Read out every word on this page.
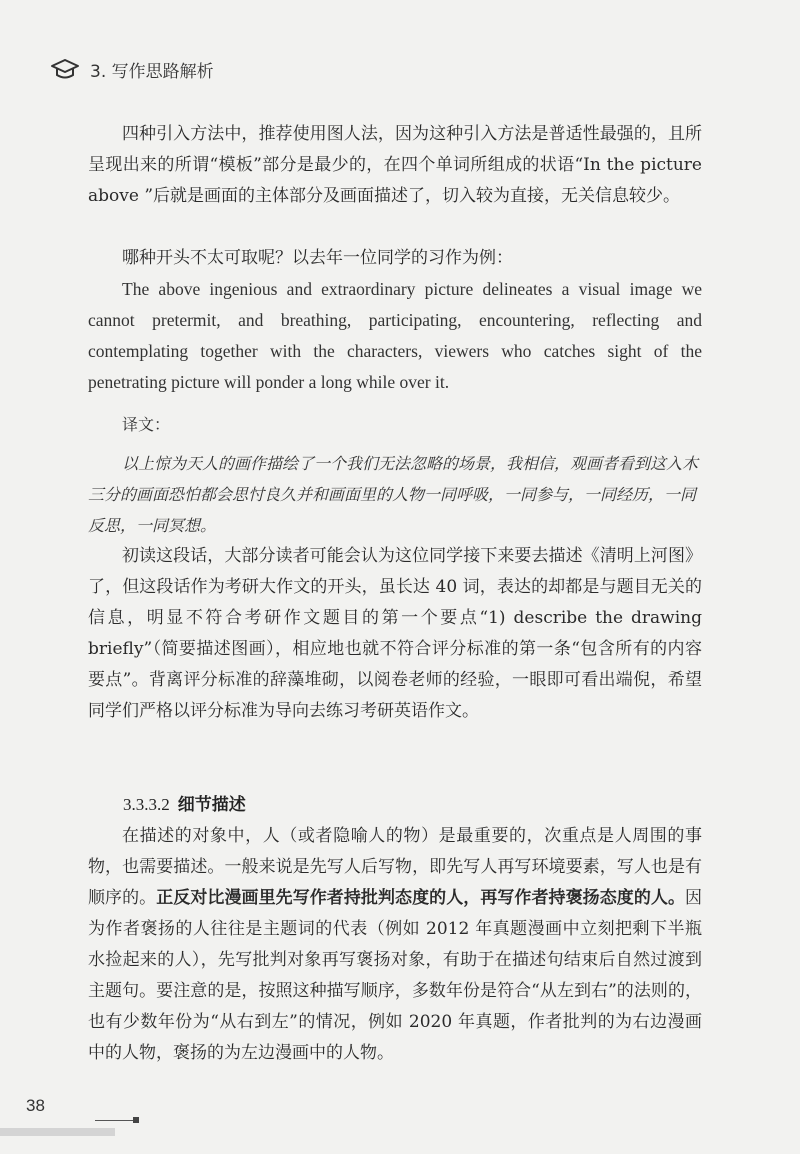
3. 写作思路解析

四种引入方法中，推荐使用图人法，因为这种引入方法是普适性最强的，且所呈现出来的所谓“模板”部分是最少的，在四个单词所组成的状语“In the picture above ”后就是画面的主体部分及画面描述了，切入较为直接，无关信息较少。

哪种开头不太可取呢？以去年一位同学的习作为例：

The above ingenious and extraordinary picture delineates a visual image we cannot pretermit, and breathing, participating, encountering, reflecting and contemplating together with the characters, viewers who catches sight of the penetrating picture will ponder a long while over it.

译文：

以上惊为天人的画作描绘了一个我们无法忽略的场景，我相信，观画者看到这入木三分的画面恐怕都会思忖良久并和画面里的人物一同呼吸，一同参与，一同经历，一同反思，一同冥想。

初读这段话，大部分读者可能会认为这位同学接下来要去描述《清明上河图》了，但这段话作为考研大作文的开头，虽长达 40 词，表达的却都是与题目无关的信息，明显不符合考研作文题目的第一个要点“1) describe the drawing briefly”（简要描述图画），相应地也就不符合评分标准的第一条“包含所有的内容要点”。背离评分标准的辞藻堆砌，以阅卷老师的经验，一眼即可看出端倪，希望同学们严格以评分标准为导向去练习考研英语作文。

3.3.3.2 细节描述

在描述的对象中，人（或者隐喻人的物）是最重要的，次重点是人周围的事物，也需要描述。一般来说是先写人后写物，即先写人再写环境要素，写人也是有顺序的。正反对比漫画里先写作者持批判态度的人，再写作者持褒扬态度的人。因为作者褒扬的人往往是主题词的代表（例如 2012 年真题漫画中立刻把剩下半瓶水捡起来的人），先写批判对象再写褒扬对象，有助于在描述句结束后自然过渡到主题句。要注意的是，按照这种描写顺序，多数年份是符合“从左到右”的法则的，也有少数年份为“从右到左”的情况，例如 2020 年真题，作者批判的为右边漫画中的人物，褒扬的为左边漫画中的人物。

38
